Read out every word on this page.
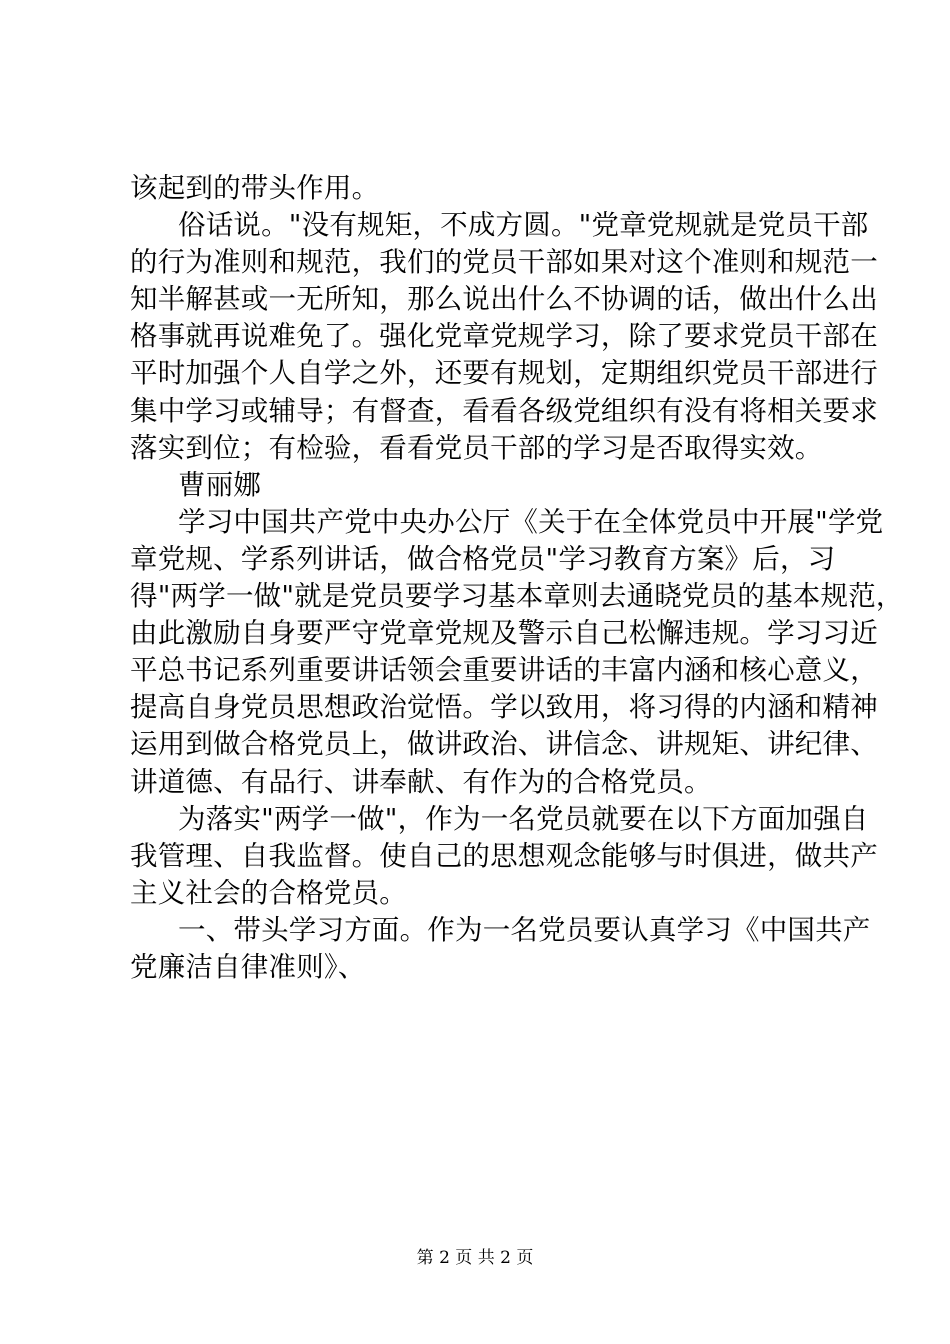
该起到的带头作用。
俗话说。"没有规矩，不成方圆。"党章党规就是党员干部
的行为准则和规范，我们的党员干部如果对这个准则和规范一
知半解甚或一无所知，那么说出什么不协调的话，做出什么出
格事就再说难免了。强化党章党规学习，除了要求党员干部在
平时加强个人自学之外，还要有规划，定期组织党员干部进行
集中学习或辅导；有督查，看看各级党组织有没有将相关要求
落实到位；有检验，看看党员干部的学习是否取得实效。
曹丽娜
学习中国共产党中央办公厅《关于在全体党员中开展"学党
章党规、学系列讲话，做合格党员"学习教育方案》后，习
得"两学一做"就是党员要学习基本章则去通晓党员的基本规范，
由此激励自身要严守党章党规及警示自己松懈违规。学习习近
平总书记系列重要讲话领会重要讲话的丰富内涵和核心意义，
提高自身党员思想政治觉悟。学以致用，将习得的内涵和精神
运用到做合格党员上，做讲政治、讲信念、讲规矩、讲纪律、
讲道德、有品行、讲奉献、有作为的合格党员。
为落实"两学一做"，作为一名党员就要在以下方面加强自
我管理、自我监督。使自己的思想观念能够与时俱进，做共产
主义社会的合格党员。
一、带头学习方面。作为一名党员要认真学习《中国共产
党廉洁自律准则》、
第 2 页 共 2 页
